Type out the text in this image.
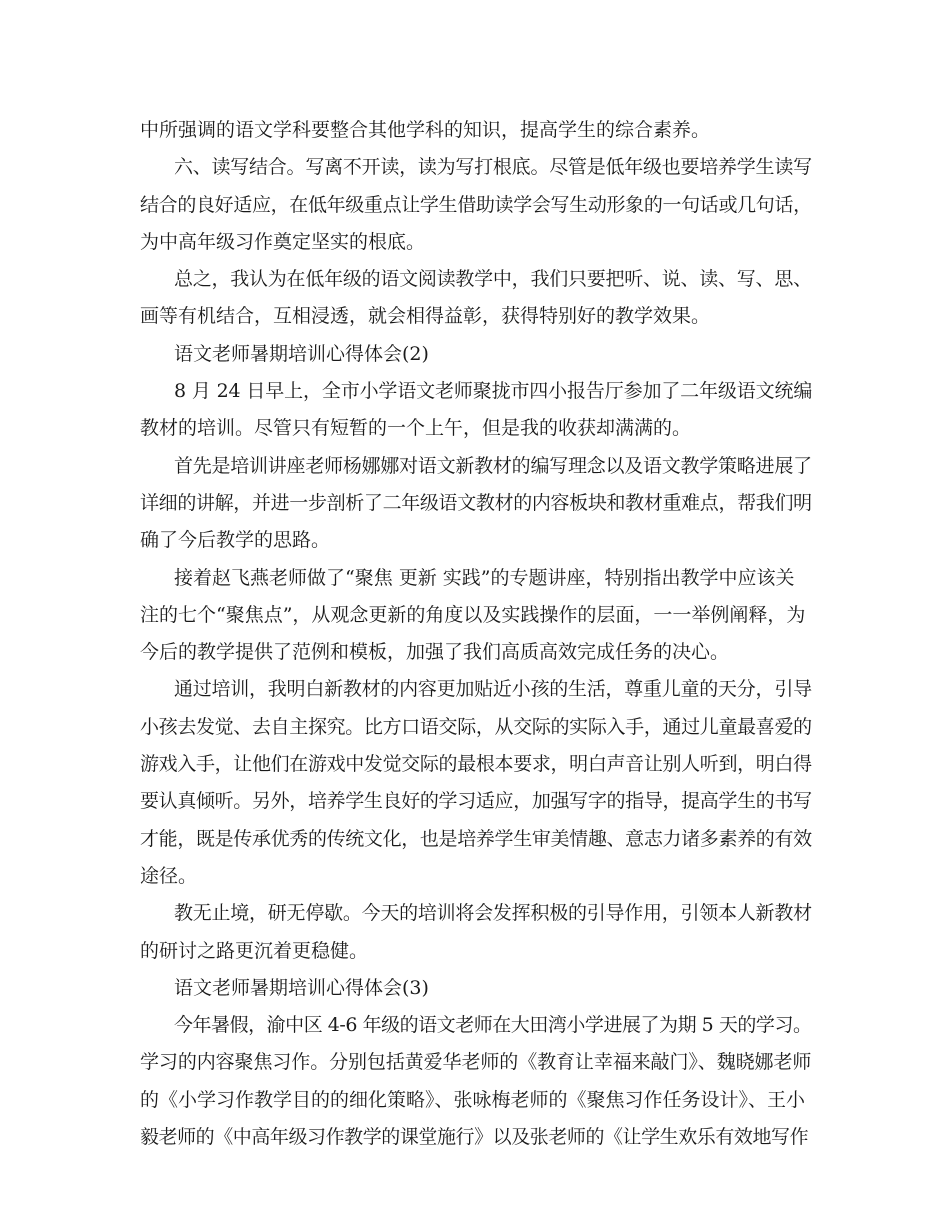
中所强调的语文学科要整合其他学科的知识，提高学生的综合素养。
六、读写结合。写离不开读，读为写打根底。尽管是低年级也要培养学生读写
结合的良好适应，在低年级重点让学生借助读学会写生动形象的一句话或几句话，
为中高年级习作奠定坚实的根底。
总之，我认为在低年级的语文阅读教学中，我们只要把听、说、读、写、思、
画等有机结合，互相浸透，就会相得益彰，获得特别好的教学效果。
语文老师暑期培训心得体会(2)
8 月 24 日早上，全市小学语文老师聚拢市四小报告厅参加了二年级语文统编
教材的培训。尽管只有短暂的一个上午，但是我的收获却满满的。
首先是培训讲座老师杨娜娜对语文新教材的编写理念以及语文教学策略进展了
详细的讲解，并进一步剖析了二年级语文教材的内容板块和教材重难点，帮我们明
确了今后教学的思路。
接着赵飞燕老师做了“聚焦 更新 实践”的专题讲座，特别指出教学中应该关
注的七个“聚焦点”，从观念更新的角度以及实践操作的层面，一一举例阐释，为
今后的教学提供了范例和模板，加强了我们高质高效完成任务的决心。
通过培训，我明白新教材的内容更加贴近小孩的生活，尊重儿童的天分，引导
小孩去发觉、去自主探究。比方口语交际，从交际的实际入手，通过儿童最喜爱的
游戏入手，让他们在游戏中发觉交际的最根本要求，明白声音让别人听到，明白得
要认真倾听。另外，培养学生良好的学习适应，加强写字的指导，提高学生的书写
才能，既是传承优秀的传统文化，也是培养学生审美情趣、意志力诸多素养的有效
途径。
教无止境，研无停歇。今天的培训将会发挥积极的引导作用，引领本人新教材
的研讨之路更沉着更稳健。
语文老师暑期培训心得体会(3)
今年暑假，渝中区 4-6 年级的语文老师在大田湾小学进展了为期 5 天的学习。
学习的内容聚焦习作。分别包括黄爱华老师的《教育让幸福来敲门》、魏晓娜老师
的《小学习作教学目的的细化策略》、张咏梅老师的《聚焦习作任务设计》、王小
毅老师的《中高年级习作教学的课堂施行》以及张老师的《让学生欢乐有效地写作
